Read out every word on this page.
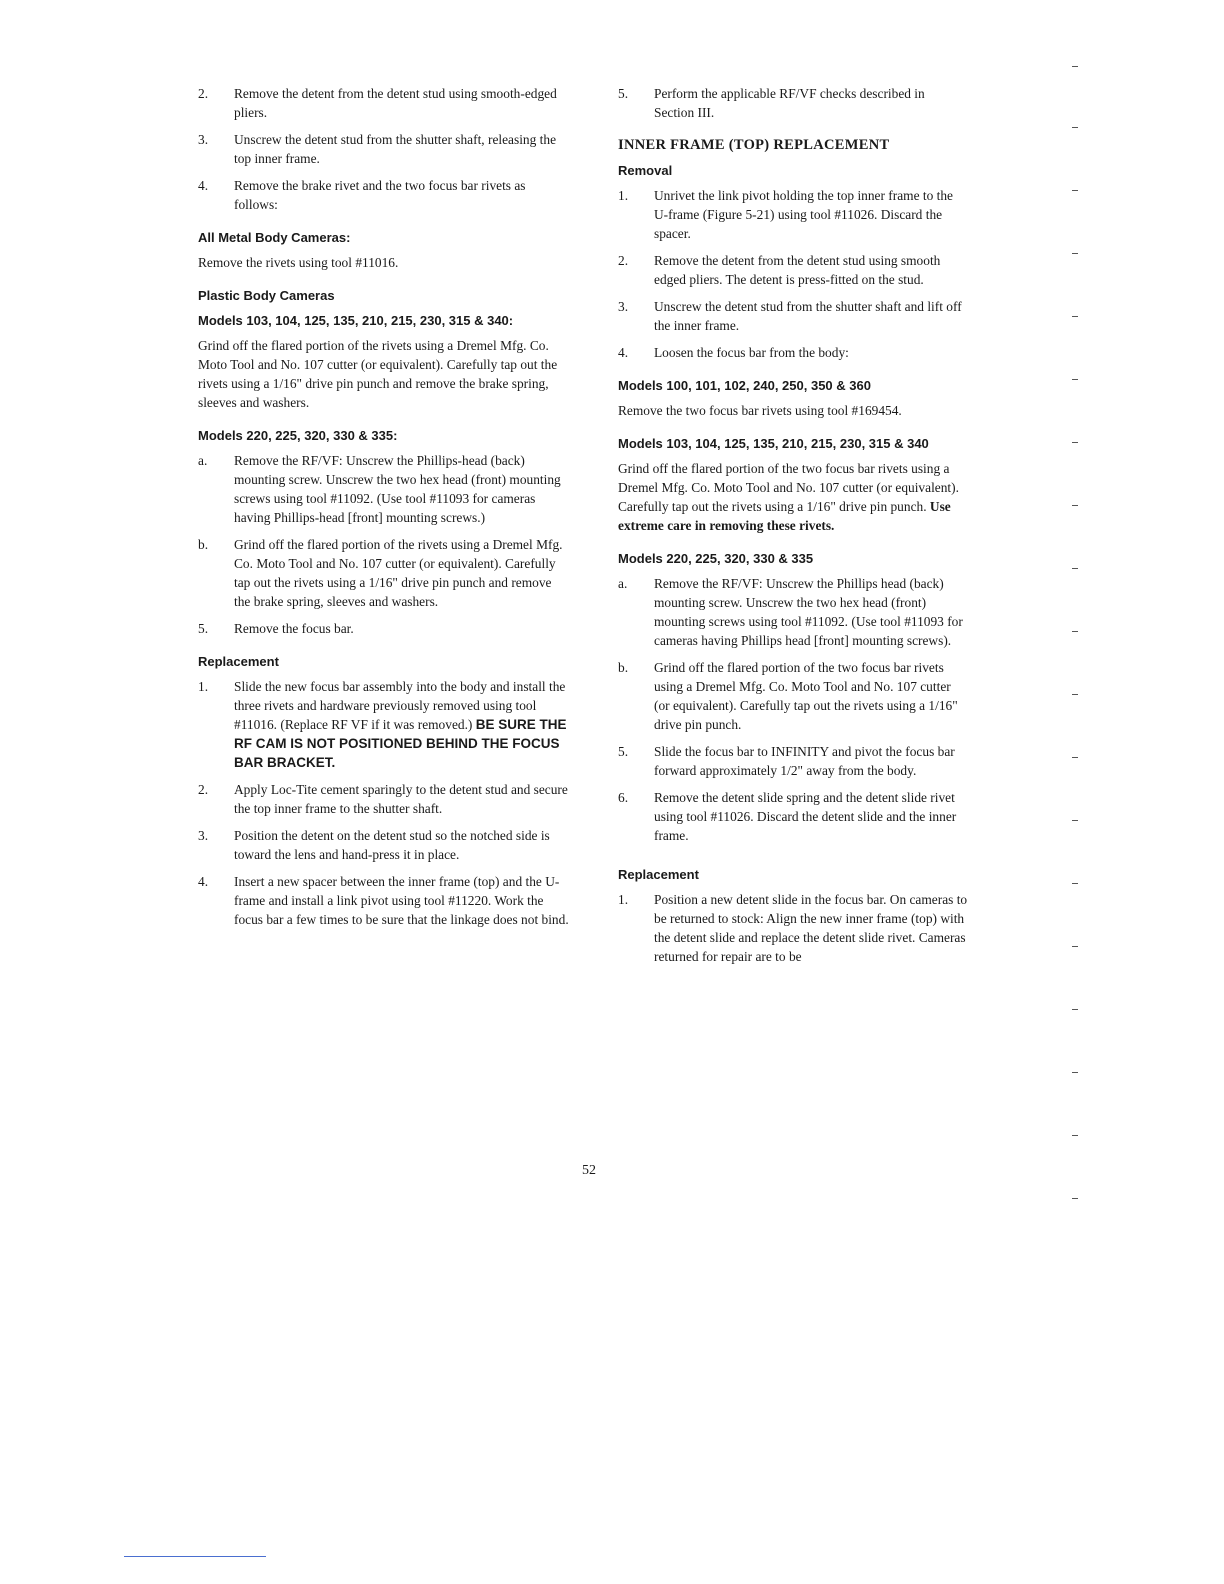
2.	Remove the detent from the detent stud using smooth-edged pliers.
3.	Unscrew the detent stud from the shutter shaft, releasing the top inner frame.
4.	Remove the brake rivet and the two focus bar rivets as follows:
All Metal Body Cameras:
Remove the rivets using tool #11016.
Plastic Body Cameras
Models 103, 104, 125, 135, 210, 215, 230, 315 & 340:
Grind off the flared portion of the rivets using a Dremel Mfg. Co. Moto Tool and No. 107 cutter (or equivalent). Carefully tap out the rivets using a 1/16" drive pin punch and remove the brake spring, sleeves and washers.
Models 220, 225, 320, 330 & 335:
a.	Remove the RF/VF: Unscrew the Phillips-head (back) mounting screw. Unscrew the two hex head (front) mounting screws using tool #11092. (Use tool #11093 for cameras having Phillips-head [front] mounting screws.)
b.	Grind off the flared portion of the rivets using a Dremel Mfg. Co. Moto Tool and No. 107 cutter (or equivalent). Carefully tap out the rivets using a 1/16" drive pin punch and remove the brake spring, sleeves and washers.
5.	Remove the focus bar.
Replacement
1.	Slide the new focus bar assembly into the body and install the three rivets and hardware previously removed using tool #11016. (Replace RF VF if it was removed.) BE SURE THE RF CAM IS NOT POSITIONED BEHIND THE FOCUS BAR BRACKET.
2.	Apply Loc-Tite cement sparingly to the detent stud and secure the top inner frame to the shutter shaft.
3.	Position the detent on the detent stud so the notched side is toward the lens and hand-press it in place.
4.	Insert a new spacer between the inner frame (top) and the U-frame and install a link pivot using tool #11220. Work the focus bar a few times to be sure that the linkage does not bind.
5.	Perform the applicable RF/VF checks described in Section III.
INNER FRAME (TOP) REPLACEMENT
Removal
1.	Unrivet the link pivot holding the top inner frame to the U-frame (Figure 5-21) using tool #11026. Discard the spacer.
2.	Remove the detent from the detent stud using smooth edged pliers. The detent is press-fitted on the stud.
3.	Unscrew the detent stud from the shutter shaft and lift off the inner frame.
4.	Loosen the focus bar from the body:
Models 100, 101, 102, 240, 250, 350 & 360
Remove the two focus bar rivets using tool #169454.
Models 103, 104, 125, 135, 210, 215, 230, 315 & 340
Grind off the flared portion of the two focus bar rivets using a Dremel Mfg. Co. Moto Tool and No. 107 cutter (or equivalent). Carefully tap out the rivets using a 1/16" drive pin punch. Use extreme care in removing these rivets.
Models 220, 225, 320, 330 & 335
a.	Remove the RF/VF: Unscrew the Phillips head (back) mounting screw. Unscrew the two hex head (front) mounting screws using tool #11092. (Use tool #11093 for cameras having Phillips head [front] mounting screws).
b.	Grind off the flared portion of the two focus bar rivets using a Dremel Mfg. Co. Moto Tool and No. 107 cutter (or equivalent). Carefully tap out the rivets using a 1/16" drive pin punch.
5.	Slide the focus bar to INFINITY and pivot the focus bar forward approximately 1/2" away from the body.
6.	Remove the detent slide spring and the detent slide rivet using tool #11026. Discard the detent slide and the inner frame.
Replacement
1.	Position a new detent slide in the focus bar. On cameras to be returned to stock: Align the new inner frame (top) with the detent slide and replace the detent slide rivet. Cameras returned for repair are to be
52
